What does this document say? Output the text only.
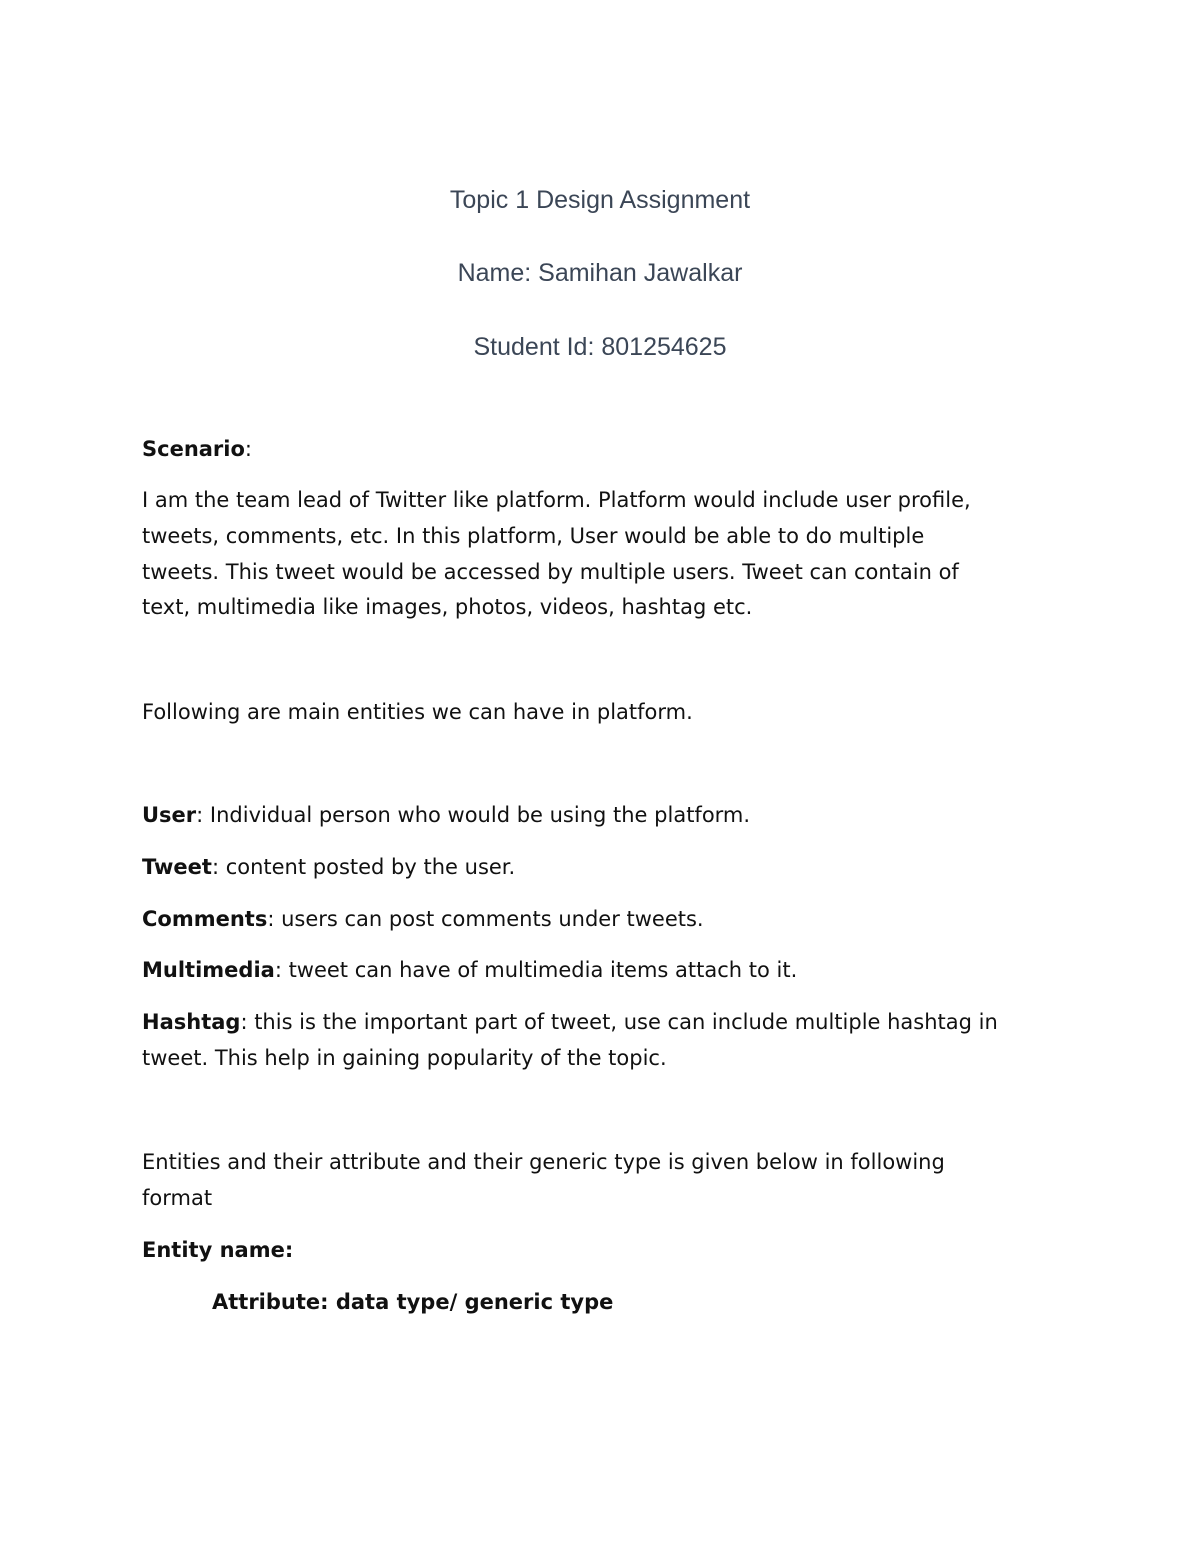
Topic 1 Design Assignment
Name: Samihan Jawalkar
Student Id: 801254625
Scenario:
I am the team lead of Twitter like platform. Platform would include user profile,
tweets, comments, etc. In this platform, User would be able to do multiple
tweets. This tweet would be accessed by multiple users. Tweet can contain of
text, multimedia like images, photos, videos, hashtag etc.
Following are main entities we can have in platform.
User: Individual person who would be using the platform.
Tweet: content posted by the user.
Comments: users can post comments under tweets.
Multimedia: tweet can have of multimedia items attach to it.
Hashtag: this is the important part of tweet, use can include multiple hashtag in
tweet. This help in gaining popularity of the topic.
Entities and their attribute and their generic type is given below in following
format
Entity name:
Attribute: data type/ generic type
